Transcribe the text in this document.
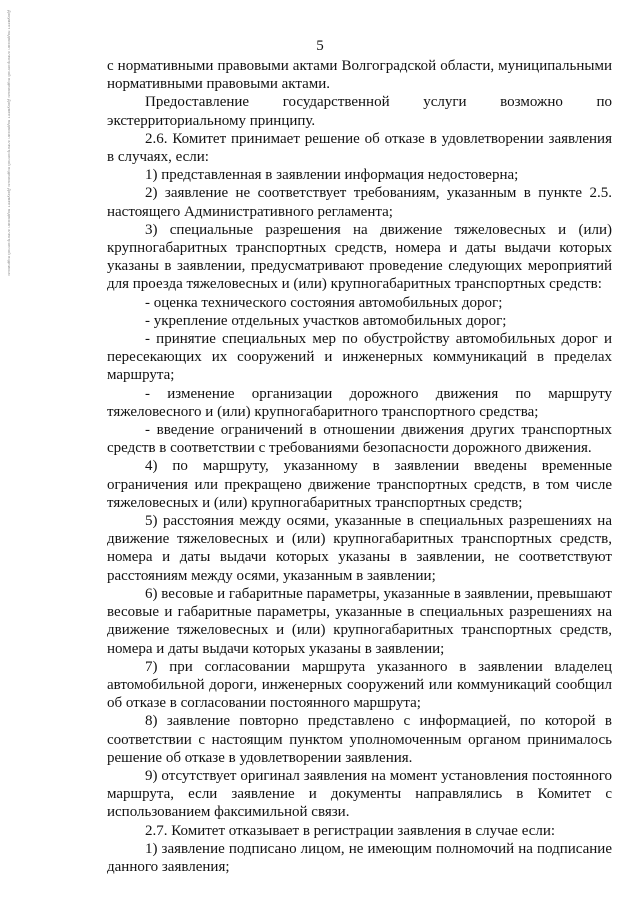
Документ подписан электронной подписью Документ подписан электронной подписью Документ подписан электронной подписью	5

с нормативными правовыми актами Волгоградской области, муниципальными нормативными правовыми актами.

Предоставление государственной услуги возможно по экстерриториальному принципу.

2.6. Комитет принимает решение об отказе в удовлетворении заявления в случаях, если:

1) представленная в заявлении информация недостоверна;

2) заявление не соответствует требованиям, указанным в пункте 2.5. настоящего Административного регламента;

3) специальные разрешения на движение тяжеловесных и (или) крупногабаритных транспортных средств, номера и даты выдачи которых указаны в заявлении, предусматривают проведение следующих мероприятий для проезда тяжеловесных и (или) крупногабаритных транспортных средств:

- оценка технического состояния автомобильных дорог;

- укрепление отдельных участков автомобильных дорог;

- принятие специальных мер по обустройству автомобильных дорог и пересекающих их сооружений и инженерных коммуникаций в пределах маршрута;

- изменение организации дорожного движения по маршруту тяжеловесного и (или) крупногабаритного транспортного средства;

- введение ограничений в отношении движения других транспортных средств в соответствии с требованиями безопасности дорожного движения.

4) по маршруту, указанному в заявлении введены временные ограничения или прекращено движение транспортных средств, в том числе тяжеловесных и (или) крупногабаритных транспортных средств;

5) расстояния между осями, указанные в специальных разрешениях на движение тяжеловесных и (или) крупногабаритных транспортных средств, номера и даты выдачи которых указаны в заявлении, не соответствуют расстояниям между осями, указанным в заявлении;

6) весовые и габаритные параметры, указанные в заявлении, превышают весовые и габаритные параметры, указанные в специальных разрешениях на движение тяжеловесных и (или) крупногабаритных транспортных средств, номера и даты выдачи которых указаны в заявлении;

7) при согласовании маршрута указанного в заявлении владелец автомобильной дороги, инженерных сооружений или коммуникаций сообщил об отказе в согласовании постоянного маршрута;

8) заявление повторно представлено с информацией, по которой в соответствии с настоящим пунктом уполномоченным органом принималось решение об отказе в удовлетворении заявления.

9) отсутствует оригинал заявления на момент установления постоянного маршрута, если заявление и документы направлялись в Комитет с использованием факсимильной связи.

2.7. Комитет отказывает в регистрации заявления в случае если:

1) заявление подписано лицом, не имеющим полномочий на подписание данного заявления;
